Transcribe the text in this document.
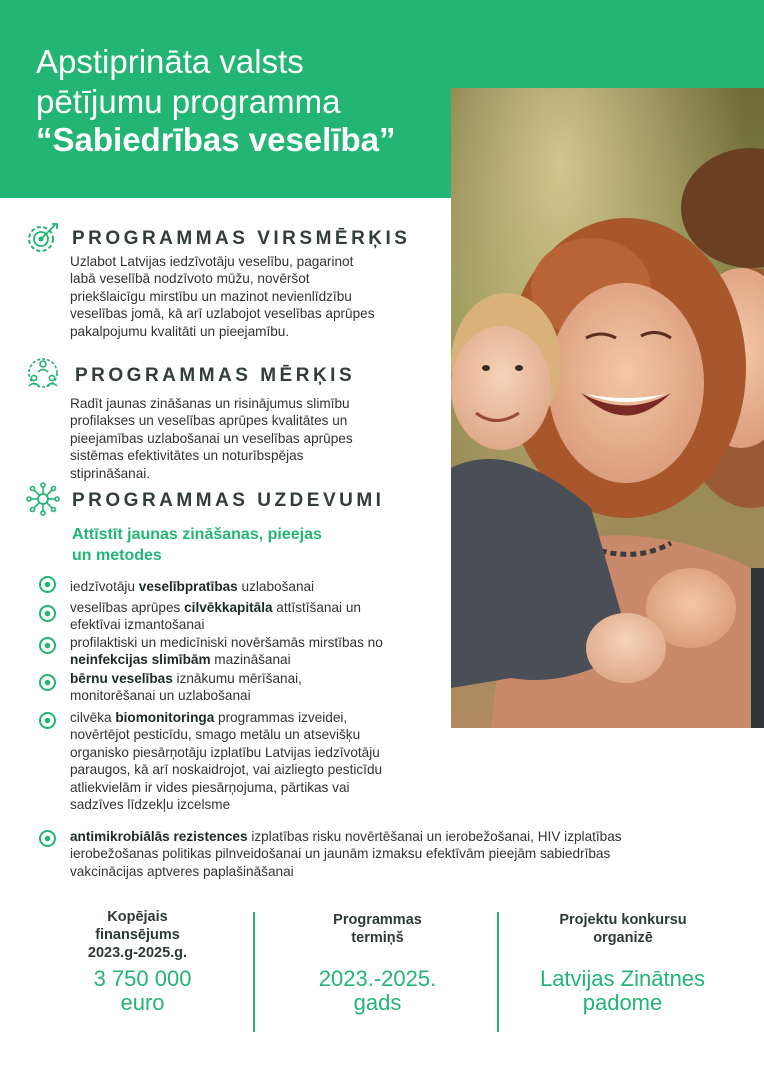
Apstiprināta valsts
pētījumu programma
“Sabiedrības veselība”
PROGRAMMAS VIRSMĒRĶIS
Uzlabot Latvijas iedzīvotāju veselību, pagarinot
labā veselībā nodzīvoto mūžu, novēršot
priekšlaicīgu mirstību un mazinot nevienlīdzību
veselības jomā, kā arī uzlabojot veselības aprūpes
pakalpojumu kvalitāti un pieejamību.
PROGRAMMAS MĒRĶIS
Radīt jaunas zināšanas un risinājumus slimību
profilakses un veselības aprūpes kvalitātes un
pieejamības uzlabošanai un veselības aprūpes
sistēmas efektivitātes un noturībspējas
stiprināšanai.
PROGRAMMAS UZDEVUMI
Attīstīt jaunas zināšanas, pieejas
un metodes
iedzīvotāju veselībpratības uzlabošanai
veselības aprūpes cilvēkkapitāla attīstīšanai un efektīvai izmantošanai
profilaktiski un medicīniski novēršamās mirstības no neinfekcijas slimībām mazināšanai
bērnu veselības iznākumu mērīšanai, monitorēšanai un uzlabošanai
cilvēka biomonitoringa programmas izveidei, novērtējot pesticīdu, smago metālu un atsevišķu organisko piesārņotāju izplatību Latvijas iedzīvotāju paraugos, kā arī noskaidrojot, vai aizliegto pesticīdu atliekvielām ir vides piesārņojuma, pārtikas vai sadzīves līdzekļu izcelsme
antimikrobiālās rezistences izplatības risku novērtēšanai un ierobežošanai, HIV izplatības ierobežošanas politikas pilnveidošanai un jaunām izmaksu efektīvām pieejām sabiedrības vakcinācijas aptveres paplašināšanai
Kopējais
finansējums
2023.g-2025.g.
3 750 000
euro
Programmas
termiņš
2023.-2025.
gads
Projektu konkursu
organizē
Latvijas Zinātnes
padome
